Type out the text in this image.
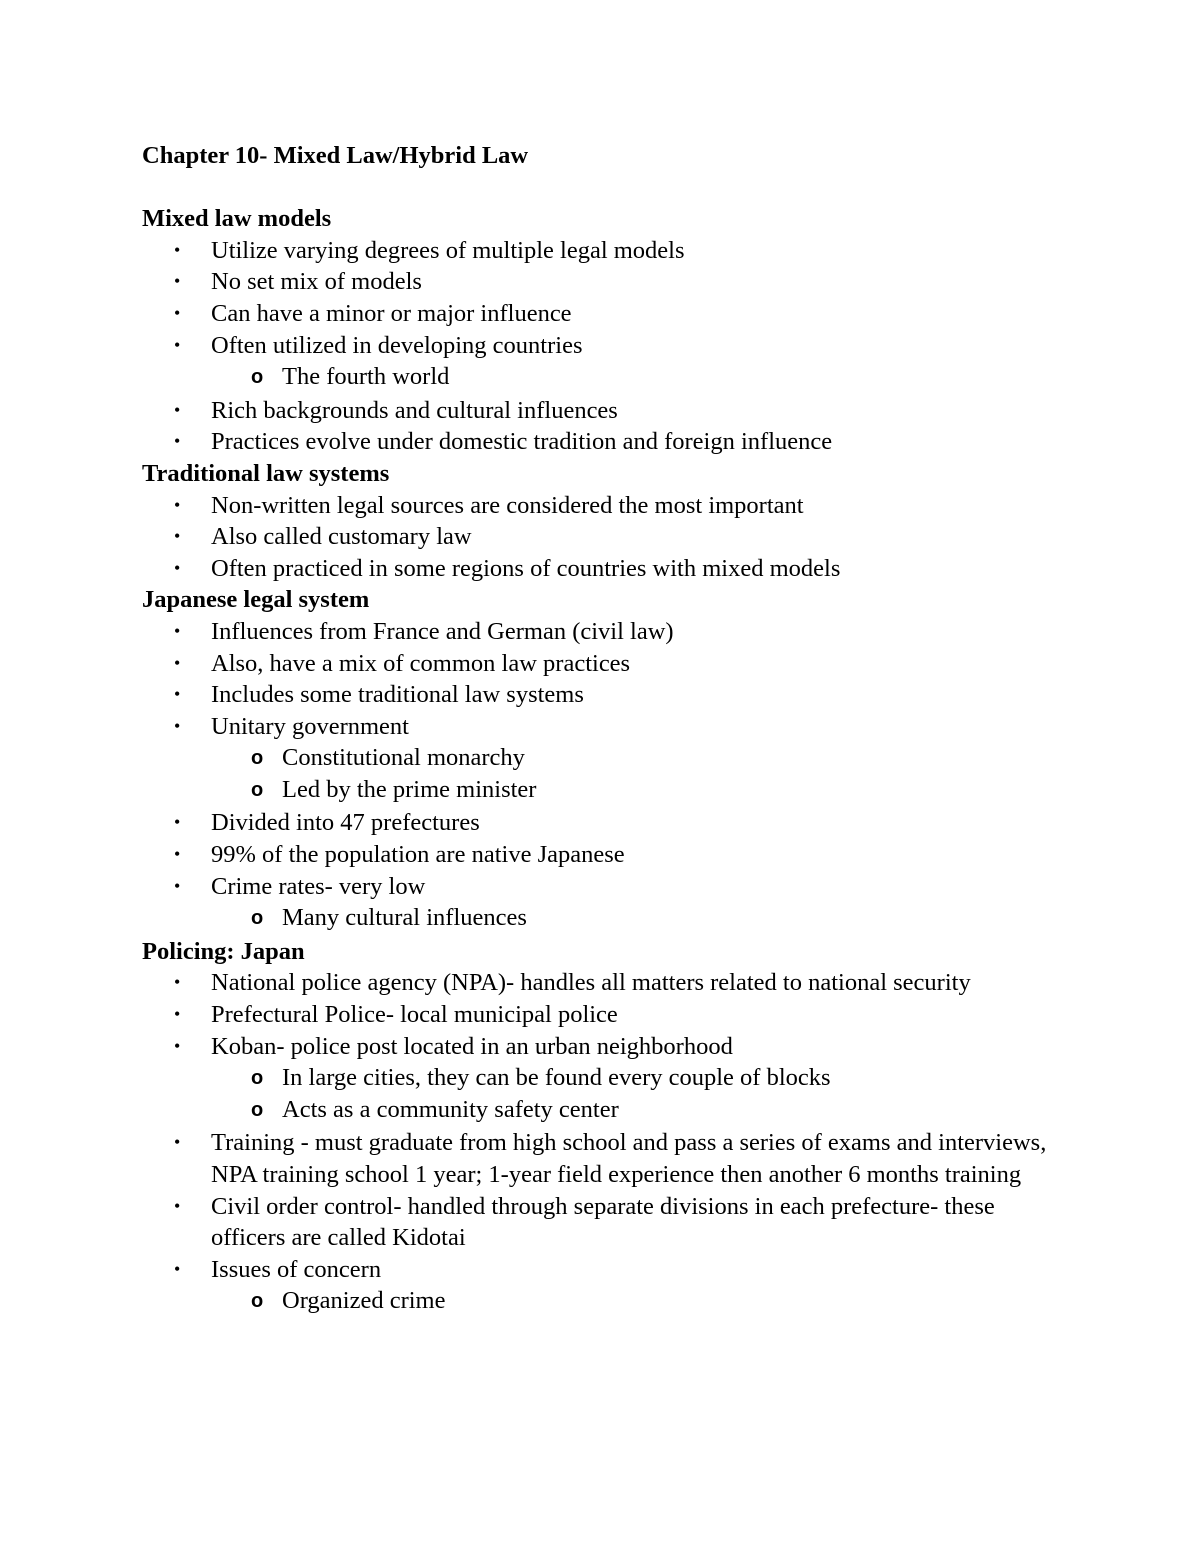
Chapter 10- Mixed Law/Hybrid Law
Mixed law models
• Utilize varying degrees of multiple legal models
• No set mix of models
• Can have a minor or major influence
• Often utilized in developing countries
o The fourth world
• Rich backgrounds and cultural influences
• Practices evolve under domestic tradition and foreign influence
Traditional law systems
• Non-written legal sources are considered the most important
• Also called customary law
• Often practiced in some regions of countries with mixed models
Japanese legal system
• Influences from France and German (civil law)
• Also, have a mix of common law practices
• Includes some traditional law systems
• Unitary government
o Constitutional monarchy
o Led by the prime minister
• Divided into 47 prefectures
• 99% of the population are native Japanese
• Crime rates- very low
o Many cultural influences
Policing: Japan
• National police agency (NPA)- handles all matters related to national security
• Prefectural Police- local municipal police
• Koban- police post located in an urban neighborhood
o In large cities, they can be found every couple of blocks
o Acts as a community safety center
• Training - must graduate from high school and pass a series of exams and interviews, NPA training school 1 year; 1-year field experience then another 6 months training
• Civil order control- handled through separate divisions in each prefecture- these officers are called Kidotai
• Issues of concern
o Organized crime
